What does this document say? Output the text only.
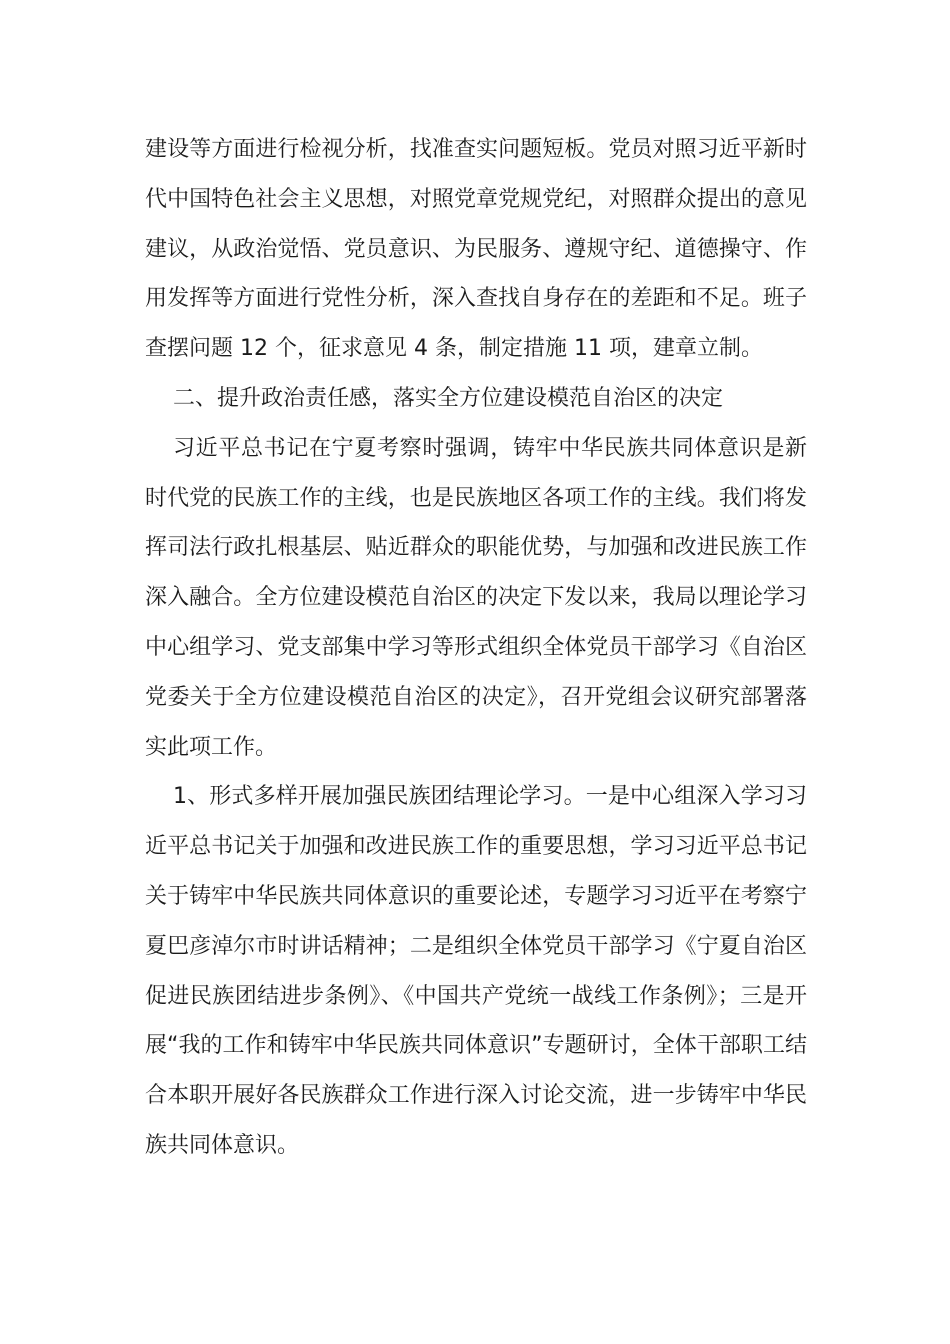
建设等方面进行检视分析，找准查实问题短板。党员对照习近平新时代中国特色社会主义思想，对照党章党规党纪，对照群众提出的意见建议，从政治觉悟、党员意识、为民服务、遵规守纪、道德操守、作用发挥等方面进行党性分析，深入查找自身存在的差距和不足。班子查摆问题 12 个，征求意见 4 条，制定措施 11 项，建章立制。

二、提升政治责任感，落实全方位建设模范自治区的决定

习近平总书记在宁夏考察时强调，铸牢中华民族共同体意识是新时代党的民族工作的主线，也是民族地区各项工作的主线。我们将发挥司法行政扎根基层、贴近群众的职能优势，与加强和改进民族工作深入融合。全方位建设模范自治区的决定下发以来，我局以理论学习中心组学习、党支部集中学习等形式组织全体党员干部学习《自治区党委关于全方位建设模范自治区的决定》，召开党组会议研究部署落实此项工作。

1、形式多样开展加强民族团结理论学习。一是中心组深入学习习近平总书记关于加强和改进民族工作的重要思想，学习习近平总书记关于铸牢中华民族共同体意识的重要论述，专题学习习近平在考察宁夏巴彦淖尔市时讲话精神；二是组织全体党员干部学习《宁夏自治区促进民族团结进步条例》、《中国共产党统一战线工作条例》；三是开展“我的工作和铸牢中华民族共同体意识”专题研讨，全体干部职工结合本职开展好各民族群众工作进行深入讨论交流，进一步铸牢中华民族共同体意识。
